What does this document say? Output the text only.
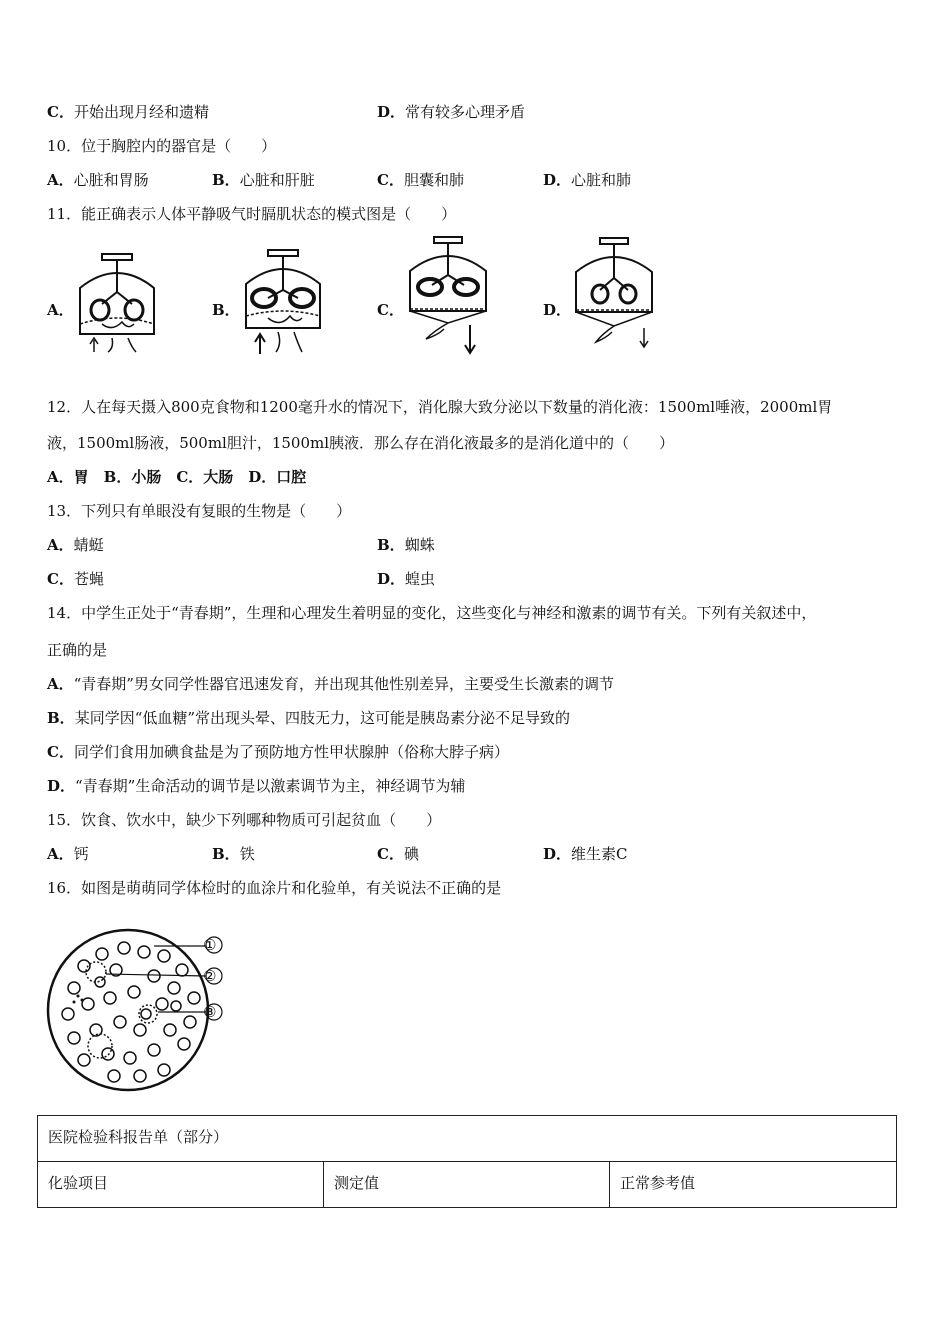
C．开始出现月经和遗精	D．常有较多心理矛盾
10．位于胸腔内的器官是（　　）
A．心脏和胃肠	B．心脏和肝脏	C．胆囊和肺	D．心脏和肺
11．能正确表示人体平静吸气时膈肌状态的模式图是（　　）
A．	B．	C．	D．
12．人在每天摄入800克食物和1200毫升水的情况下，消化腺大致分泌以下数量的消化液：1500ml唾液，2000ml胃
液，1500ml肠液，500ml胆汁，1500ml胰液．那么存在消化液最多的是消化道中的（　　）
A．胃　B．小肠　C．大肠　D．口腔
13．下列只有单眼没有复眼的生物是（　　）
A．蜻蜓	B．蜘蛛
C．苍蝇	D．蝗虫
14．中学生正处于“青春期”，生理和心理发生着明显的变化，这些变化与神经和激素的调节有关。下列有关叙述中，
正确的是
A．“青春期”男女同学性器官迅速发育，并出现其他性别差异，主要受生长激素的调节
B．某同学因“低血糖”常出现头晕、四肢无力，这可能是胰岛素分泌不足导致的
C．同学们食用加碘食盐是为了预防地方性甲状腺肿（俗称大脖子病）
D．“青春期”生命活动的调节是以激素调节为主，神经调节为辅
15．饮食、饮水中，缺少下列哪种物质可引起贫血（　　）
A．钙	B．铁	C．碘	D．维生素C
16．如图是萌萌同学体检时的血涂片和化验单，有关说法不正确的是
①
②
③
医院检验科报告单（部分）
化验项目	测定值	正常参考值
